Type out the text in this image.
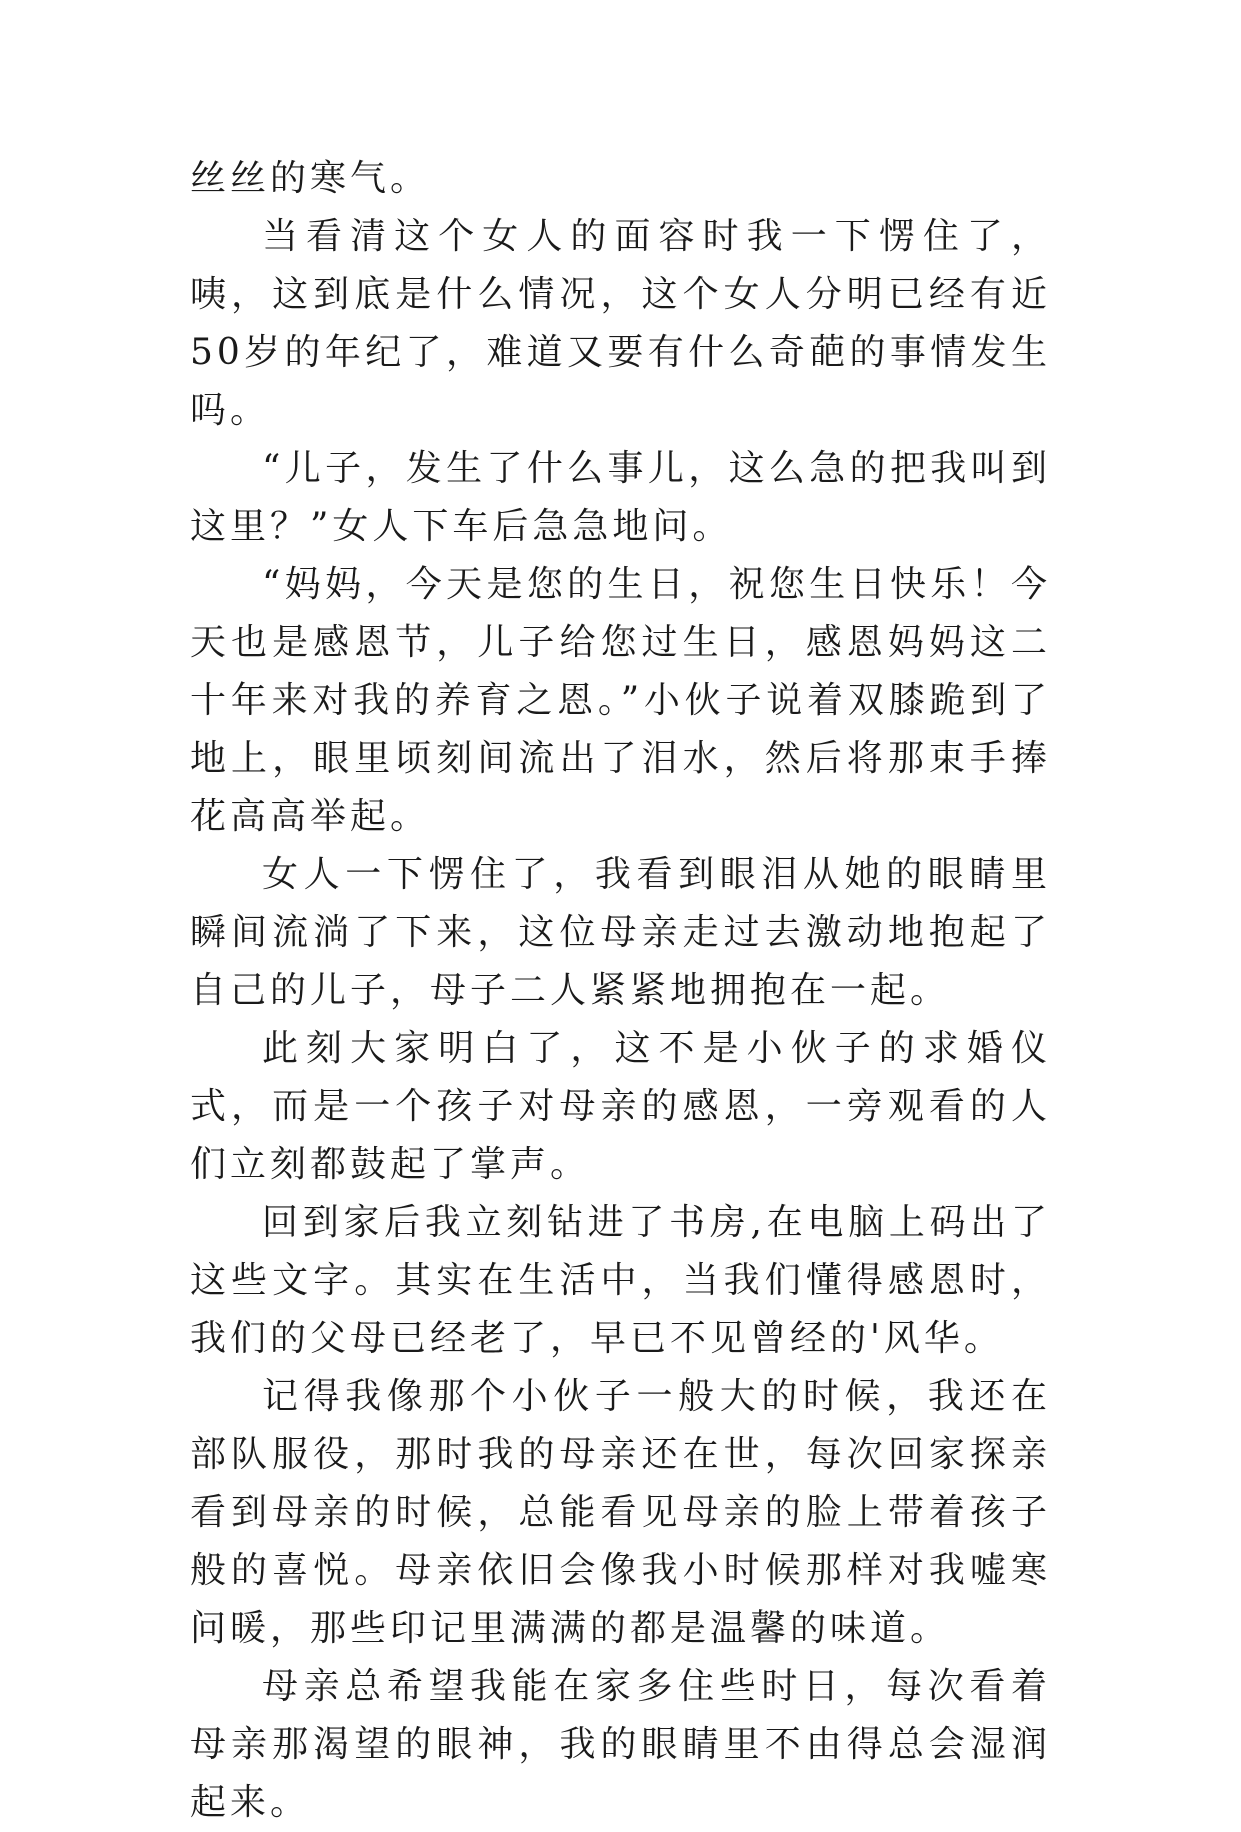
丝丝的寒气。

当看清这个女人的面容时我一下愣住了，咦，这到底是什么情况，这个女人分明已经有近50岁的年纪了，难道又要有什么奇葩的事情发生吗。

“儿子，发生了什么事儿，这么急的把我叫到这里？”女人下车后急急地问。

“妈妈，今天是您的生日，祝您生日快乐！今天也是感恩节，儿子给您过生日，感恩妈妈这二十年来对我的养育之恩。”小伙子说着双膝跪到了地上，眼里顷刻间流出了泪水，然后将那束手捧花高高举起。

女人一下愣住了，我看到眼泪从她的眼睛里瞬间流淌了下来，这位母亲走过去激动地抱起了自己的儿子，母子二人紧紧地拥抱在一起。

此刻大家明白了，这不是小伙子的求婚仪式，而是一个孩子对母亲的感恩，一旁观看的人们立刻都鼓起了掌声。

回到家后我立刻钻进了书房,在电脑上码出了这些文字。其实在生活中，当我们懂得感恩时，我们的父母已经老了，早已不见曾经的'风华。

记得我像那个小伙子一般大的时候，我还在部队服役，那时我的母亲还在世，每次回家探亲看到母亲的时候，总能看见母亲的脸上带着孩子般的喜悦。母亲依旧会像我小时候那样对我嘘寒问暖，那些印记里满满的都是温馨的味道。

母亲总希望我能在家多住些时日，每次看着母亲那渴望的眼神，我的眼睛里不由得总会湿润起来。
